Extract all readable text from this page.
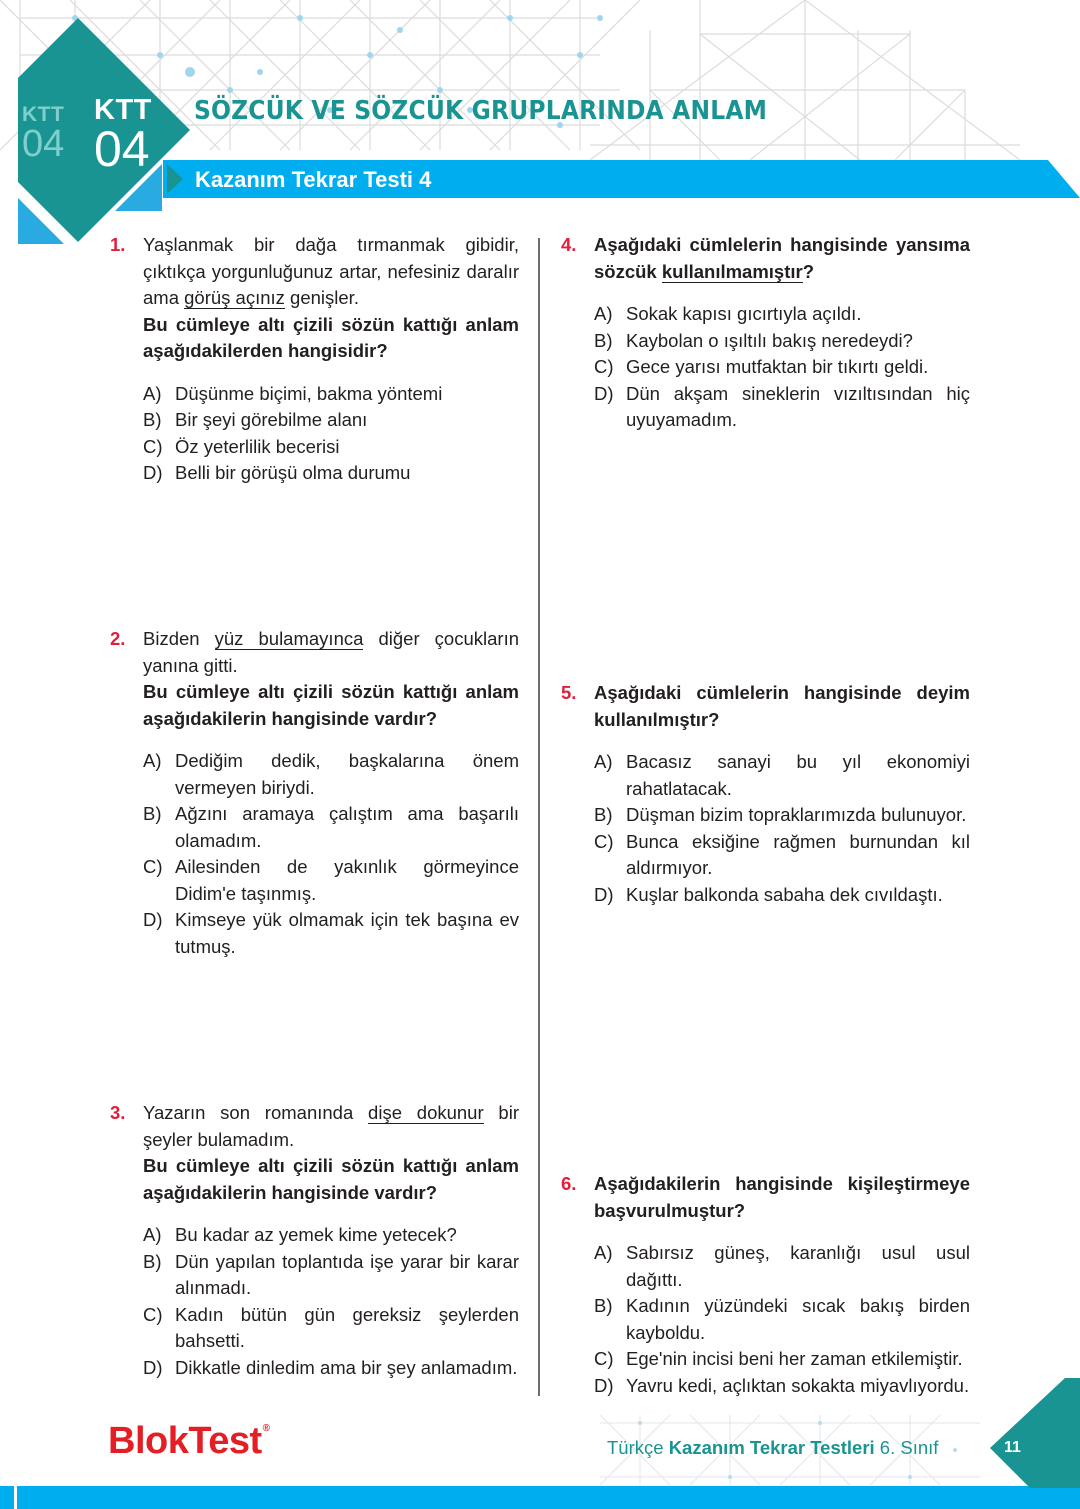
KTT
04
KTT
04
SÖZCÜK VE SÖZCÜK GRUPLARINDA ANLAM
Kazanım Tekrar Testi 4
1. Yaşlanmak bir dağa tırmanmak gibidir, çıktıkça yorgunluğunuz artar, nefesiniz daralır ama görüş açınız genişler.
Bu cümleye altı çizili sözün kattığı anlam aşağıdakilerden hangisidir?
A) Düşünme biçimi, bakma yöntemi
B) Bir şeyi görebilme alanı
C) Öz yeterlilik becerisi
D) Belli bir görüşü olma durumu
2. Bizden yüz bulamayınca diğer çocukların yanına gitti.
Bu cümleye altı çizili sözün kattığı anlam aşağıdakilerin hangisinde vardır?
A) Dediğim dedik, başkalarına önem vermeyen biriydi.
B) Ağzını aramaya çalıştım ama başarılı olamadım.
C) Ailesinden de yakınlık görmeyince Didim'e taşınmış.
D) Kimseye yük olmamak için tek başına ev tutmuş.
3. Yazarın son romanında dişe dokunur bir şeyler bulamadım.
Bu cümleye altı çizili sözün kattığı anlam aşağıdakilerin hangisinde vardır?
A) Bu kadar az yemek kime yetecek?
B) Dün yapılan toplantıda işe yarar bir karar alınmadı.
C) Kadın bütün gün gereksiz şeylerden bahsetti.
D) Dikkatle dinledim ama bir şey anlamadım.
4. Aşağıdaki cümlelerin hangisinde yansıma sözcük kullanılmamıştır?
A) Sokak kapısı gıcırtıyla açıldı.
B) Kaybolan o ışıltılı bakış neredeydi?
C) Gece yarısı mutfaktan bir tıkırtı geldi.
D) Dün akşam sineklerin vızıltısından hiç uyuyamadım.
5. Aşağıdaki cümlelerin hangisinde deyim kullanılmıştır?
A) Bacasız sanayi bu yıl ekonomiyi rahatlatacak.
B) Düşman bizim topraklarımızda bulunuyor.
C) Bunca eksiğine rağmen burnundan kıl aldırmıyor.
D) Kuşlar balkonda sabaha dek cıvıldaştı.
6. Aşağıdakilerin hangisinde kişileştirmeye başvurulmuştur?
A) Sabırsız güneş, karanlığı usul usul dağıttı.
B) Kadının yüzündeki sıcak bakış birden kayboldu.
C) Ege'nin incisi beni her zaman etkilemiştir.
D) Yavru kedi, açlıktan sokakta miyavlıyordu.
BlokTest®
Türkçe Kazanım Tekrar Testleri 6. Sınıf	11
